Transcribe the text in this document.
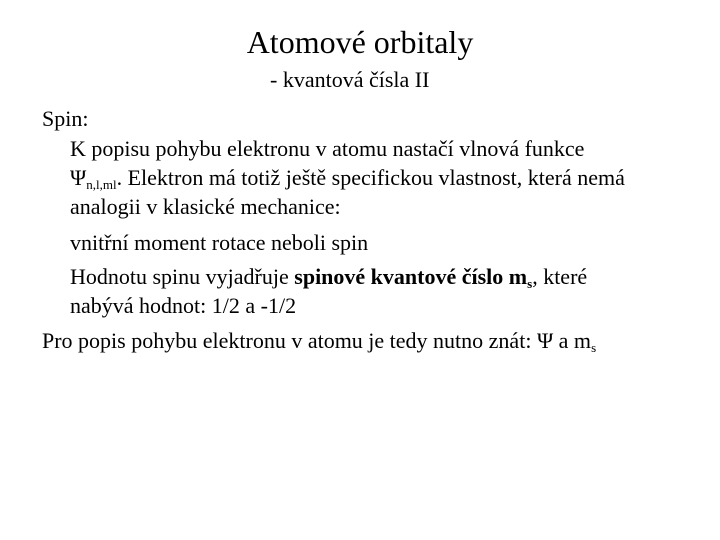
Atomové orbitaly
- kvantová čísla II
Spin:
K popisu pohybu elektronu v atomu nastačí vlnová funkce
$\Psi_{n,l,ml}$. Elektron má totiž ještě specifickou vlastnost, která nemá
analogii v klasické mechanice:
vnitřní moment rotace neboli spin
Hodnotu spinu vyjadřuje spinové kvantové číslo $m_s$, které
nabývá hodnot: 1/2 a -1/2
Pro popis pohybu elektronu v atomu je tedy nutno znát: Ψ a $m_s$
